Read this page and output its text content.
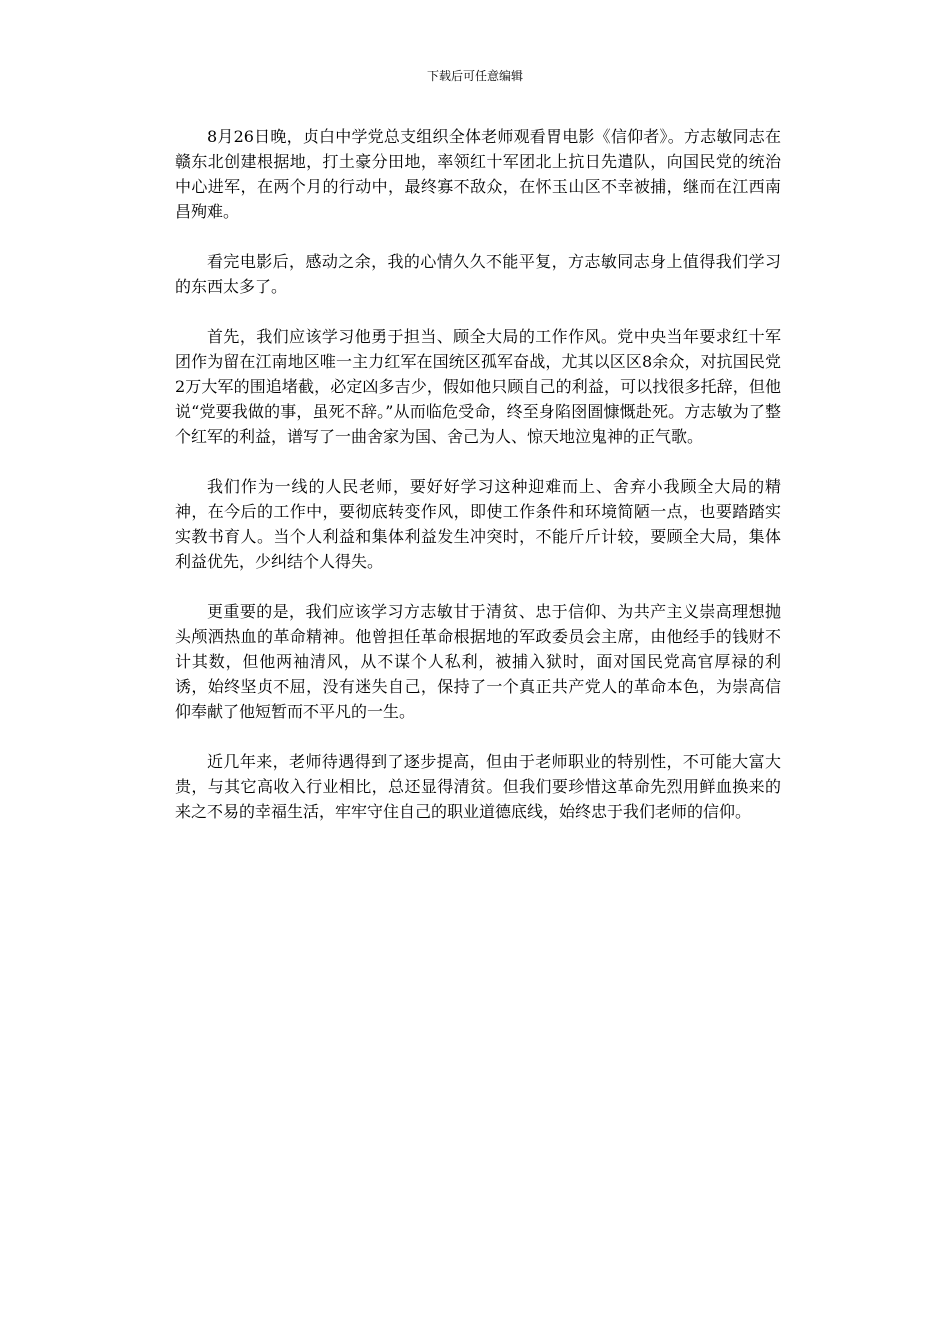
下载后可任意编辑

8月26日晚，贞白中学党总支组织全体老师观看胃电影《信仰者》。方志敏同志在赣东北创建根据地，打土豪分田地，率领红十军团北上抗日先遣队，向国民党的统治中心进军，在两个月的行动中，最终寡不敌众，在怀玉山区不幸被捕，继而在江西南昌殉难。

看完电影后，感动之余，我的心情久久不能平复，方志敏同志身上值得我们学习的东西太多了。

首先，我们应该学习他勇于担当、顾全大局的工作作风。党中央当年要求红十军团作为留在江南地区唯一主力红军在国统区孤军奋战，尤其以区区8余众，对抗国民党2万大军的围追堵截，必定凶多吉少，假如他只顾自己的利益，可以找很多托辞，但他说“党要我做的事，虽死不辞。”从而临危受命，终至身陷囹圄慷慨赴死。方志敏为了整个红军的利益，谱写了一曲舍家为国、舍己为人、惊天地泣鬼神的正气歌。

我们作为一线的人民老师，要好好学习这种迎难而上、舍弃小我顾全大局的精神，在今后的工作中，要彻底转变作风，即使工作条件和环境简陋一点，也要踏踏实实教书育人。当个人利益和集体利益发生冲突时，不能斤斤计较，要顾全大局，集体利益优先，少纠结个人得失。

更重要的是，我们应该学习方志敏甘于清贫、忠于信仰、为共产主义崇高理想抛头颅洒热血的革命精神。他曾担任革命根据地的军政委员会主席，由他经手的钱财不计其数，但他两袖清风，从不谋个人私利，被捕入狱时，面对国民党高官厚禄的利诱，始终坚贞不屈，没有迷失自己，保持了一个真正共产党人的革命本色，为崇高信仰奉献了他短暂而不平凡的一生。

近几年来，老师待遇得到了逐步提高，但由于老师职业的特别性，不可能大富大贵，与其它高收入行业相比，总还显得清贫。但我们要珍惜这革命先烈用鲜血换来的来之不易的幸福生活，牢牢守住自己的职业道德底线，始终忠于我们老师的信仰。
